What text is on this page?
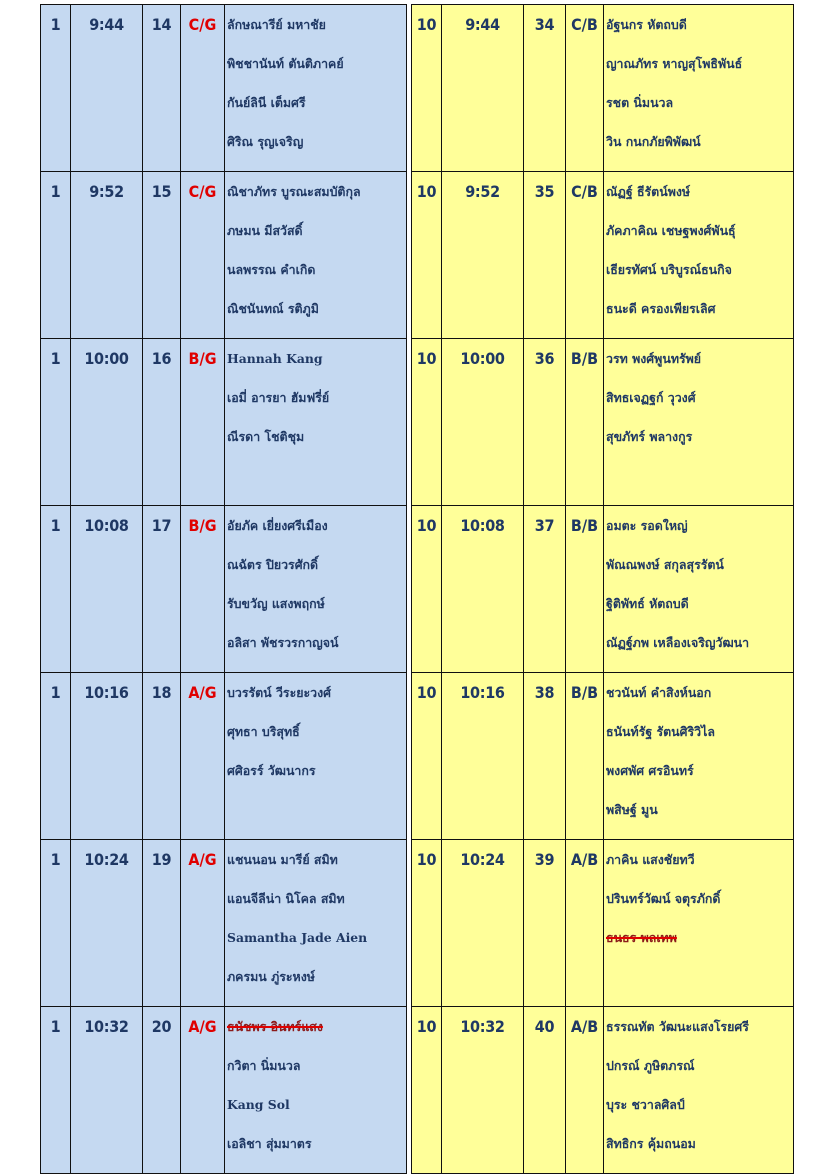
1	9:44	14	C/G	ลักษณารีย์ มหาชัย
พิชชานันท์ ตันติภาคย์
กันย์ลินี เต็มศรี
ศิริณ รุญเจริญ

1	9:52	15	C/G	ณิชาภัทร บูรณะสมบัติกุล
ภษมน มีสวัสดิ์
นลพรรณ คำเกิด
ณิชนันทณ์ รติภูมิ

1	10:00	16	B/G	Hannah Kang
เอมี่ อารยา ฮัมฟรี่ย์
ณีรดา โชติชุม

1	10:08	17	B/G	อัยภัค เยี่ยงศรีเมือง
ณฉัตร ปิยวรศักดิ์
รับขวัญ แสงพฤกษ์
อลิสา พัชรวรกาญจน์

1	10:16	18	A/G	บวรรัตน์ วีระยะวงศ์
ศุทธา บริสุทธิ์
ศศิอรร์ วัฒนากร

1	10:24	19	A/G	แชนนอน มารีย์ สมิท
แอนจีลีน่า นิโคล สมิท
Samantha Jade Aien
ภครมน ภู่ระหงษ์

1	10:32	20	A/G	ธนัชพร อินทร์แสง
กวิตา นิ่มนวล
Kang Sol
เอลิชา สุ่มมาตร
10	9:44	34	C/B	อัฐนกร หัตถบดี
ญาณภัทร หาญสุโพธิพันธ์
รชต นิ่มนวล
วิน กนกภัยพิพัฒน์

10	9:52	35	C/B	ณัฏฐ์ ธีรัตน์พงษ์
ภัคภาคิณ เชษฐพงศ์พันธุ์
เธียรทัศน์ บริบูรณ์ธนกิจ
ธนะดี ครองเพียรเลิศ

10	10:00	36	B/B	วรท พงศ์พูนทรัพย์
สิทธเจฏฐก์ วุวงศ์
สุขภัทร์ พลางกูร

10	10:08	37	B/B	อมตะ รอดใหญ่
พัณณพงษ์ สกุลสุรรัตน์
ฐิติพัทธ์ หัตถบดี
ณัฏฐ์ภพ เหลืองเจริญวัฒนา

10	10:16	38	B/B	ชวนันท์ คำสิงห์นอก
ธนันท์รัฐ รัตนศิริวิไล
พงศพัศ ศรอินทร์
พสิษฐ์ มูน

10	10:24	39	A/B	ภาคิน แสงชัยทวี
ปรินทร์วัฒน์ จตุรภักดิ์
ธนธร พลเทพ

10	10:32	40	A/B	ธรรณทัต วัฒนะแสงโรยศรี
ปกรณ์ ภูษิตภรณ์
บุระ ชวาลศิลป์
สิทธิกร คุ้มถนอม
